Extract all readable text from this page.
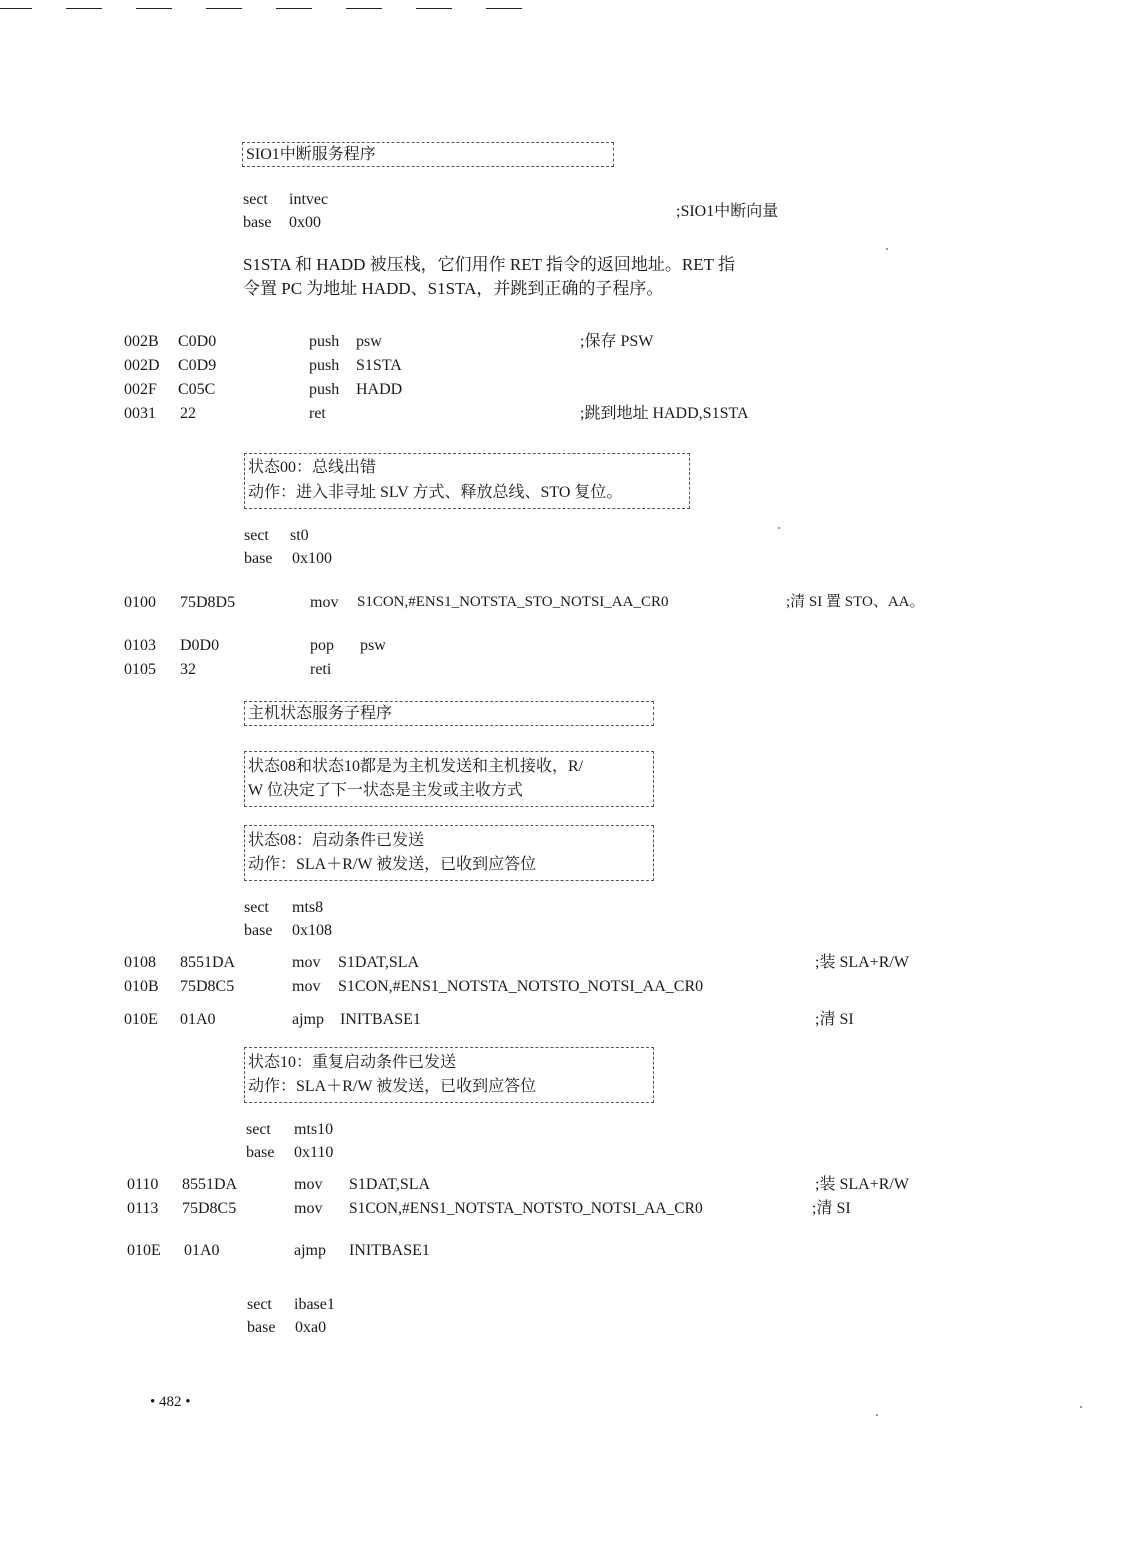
SIO1中断服务程序
sect intvec
base 0x00
;SIO1中断向量
S1STA 和 HADD 被压栈，它们用作 RET 指令的返回地址。RET 指
令置 PC 为地址 HADD、S1STA，并跳到正确的子程序。
002B C0D0	push psw	;保存 PSW
002D C0D9	push S1STA
002F C05C	push HADD
0031 22	ret	;跳到地址 HADD,S1STA
状态00：总线出错
动作：进入非寻址 SLV 方式、释放总线、STO 复位。
sect st0
base 0x100
0100 75D8D5	mov S1CON,#ENS1_NOTSTA_STO_NOTSI_AA_CR0	;清 SI 置 STO、AA。
0103 D0D0	pop psw
0105 32	reti
主机状态服务子程序
状态08和状态10都是为主机发送和主机接收，R/
W 位决定了下一状态是主发或主收方式
状态08：启动条件已发送
动作：SLA＋R/W 被发送，已收到应答位
sect mts8
base 0x108
0108 8551DA	mov S1DAT,SLA	;装 SLA+R/W
010B 75D8C5	mov S1CON,#ENS1_NOTSTA_NOTSTO_NOTSI_AA_CR0
010E 01A0	ajmp INITBASE1	;清 SI
状态10：重复启动条件已发送
动作：SLA＋R/W 被发送，已收到应答位
sect mts10
base 0x110
0110 8551DA	mov S1DAT,SLA	;装 SLA+R/W
0113 75D8C5	mov S1CON,#ENS1_NOTSTA_NOTSTO_NOTSI_AA_CR0	;清 SI
010E 01A0	ajmp INITBASE1
sect ibase1
base 0xa0
• 482 •
